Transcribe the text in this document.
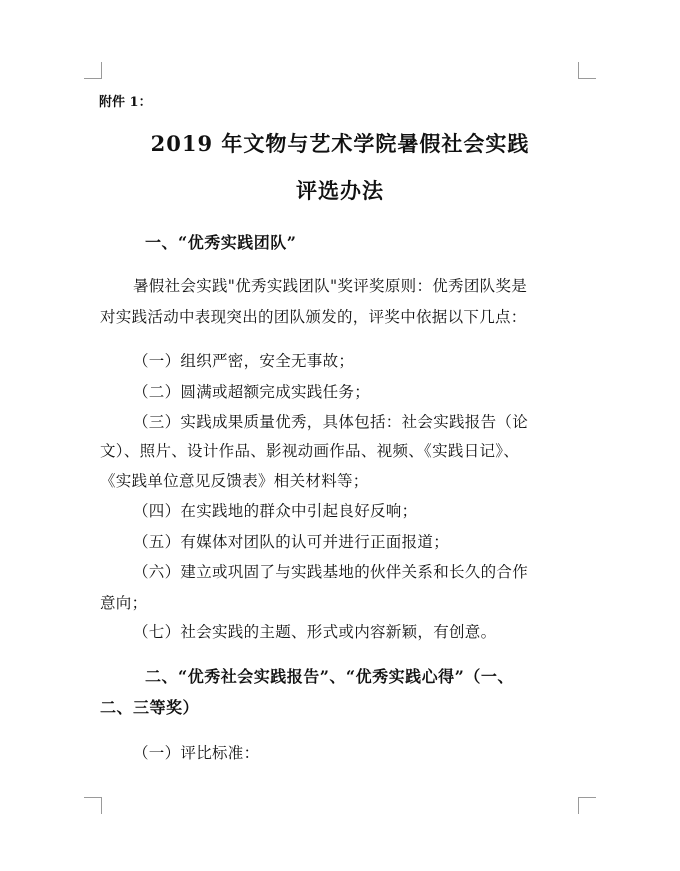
附件 1：
2019 年文物与艺术学院暑假社会实践
评选办法
一、“优秀实践团队”
暑假社会实践"优秀实践团队"奖评奖原则：优秀团队奖是
对实践活动中表现突出的团队颁发的，评奖中依据以下几点：
（一）组织严密，安全无事故；
（二）圆满或超额完成实践任务；
（三）实践成果质量优秀，具体包括：社会实践报告（论
文）、照片、设计作品、影视动画作品、视频、《实践日记》、
《实践单位意见反馈表》相关材料等；
（四）在实践地的群众中引起良好反响；
（五）有媒体对团队的认可并进行正面报道；
（六）建立或巩固了与实践基地的伙伴关系和长久的合作
意向；
（七）社会实践的主题、形式或内容新颖，有创意。
二、“优秀社会实践报告”、“优秀实践心得”（一、
二、三等奖）
（一）评比标准：
